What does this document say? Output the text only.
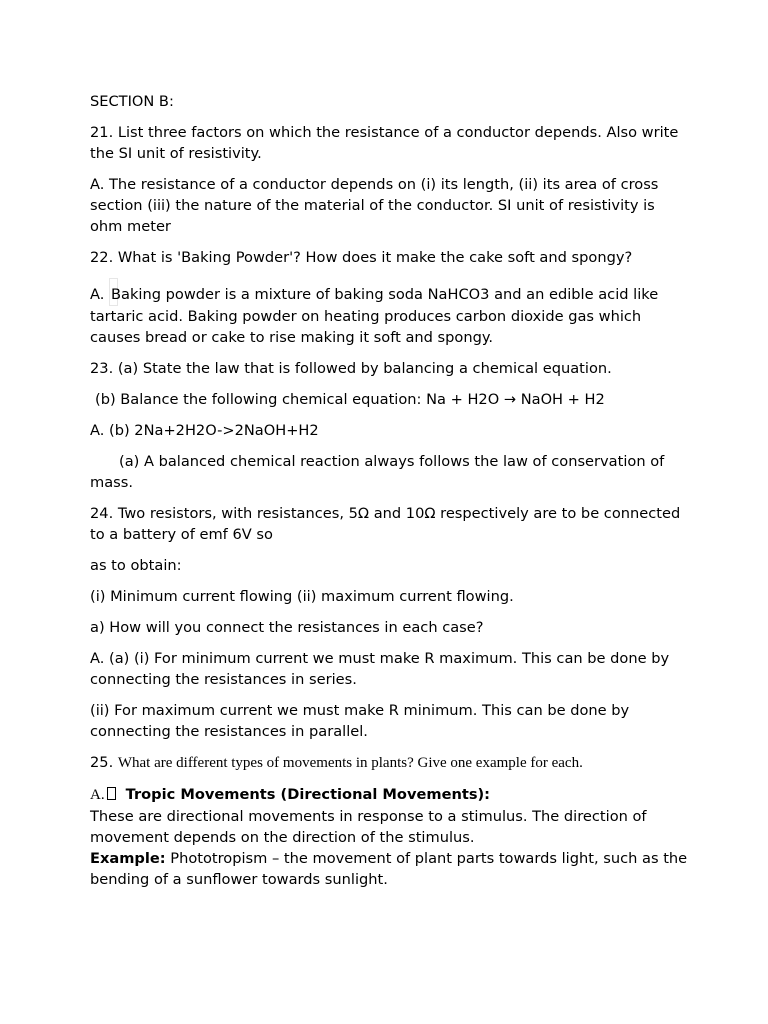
SECTION B:

21. List three factors on which the resistance of a conductor depends. Also write the SI unit of resistivity.

A. The resistance of a conductor depends on (i) its length, (ii) its area of cross section (iii) the nature of the material of the conductor. SI unit of resistivity is ohm meter

22. What is 'Baking Powder'? How does it make the cake soft and spongy?

A. Baking powder is a mixture of baking soda NaHCO3 and an edible acid like tartaric acid. Baking powder on heating produces carbon dioxide gas which causes bread or cake to rise making it soft and spongy.

23. (a) State the law that is followed by balancing a chemical equation.

(b) Balance the following chemical equation: Na + H2O → NaOH + H2

A. (b) 2Na+2H2O->2NaOH+H2

(a) A balanced chemical reaction always follows the law of conservation of mass.

24. Two resistors, with resistances, 5Ω and 10Ω respectively are to be connected to a battery of emf 6V so

as to obtain:

(i) Minimum current flowing (ii) maximum current flowing.

a) How will you connect the resistances in each case?

A. (a) (i) For minimum current we must make R maximum. This can be done by connecting the resistances in series.

(ii) For maximum current we must make R minimum. This can be done by connecting the resistances in parallel.

25. What are different types of movements in plants? Give one example for each.

A. Tropic Movements (Directional Movements):

These are directional movements in response to a stimulus. The direction of movement depends on the direction of the stimulus.

Example: Phototropism – the movement of plant parts towards light, such as the bending of a sunflower towards sunlight.
